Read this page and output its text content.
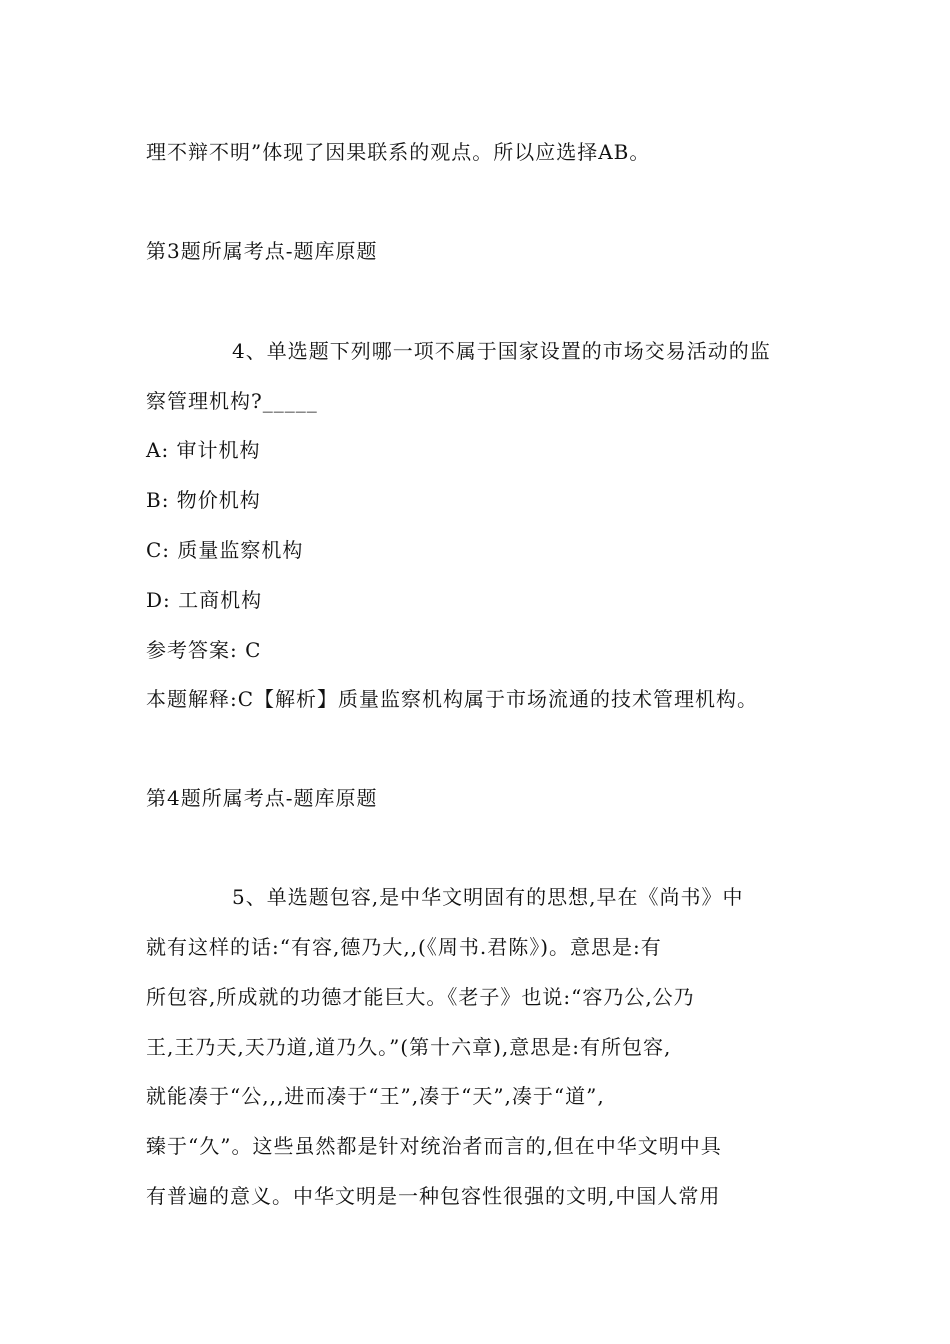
理不辩不明”体现了因果联系的观点。所以应选择AB。
第3题所属考点-题库原题
4、单选题下列哪一项不属于国家设置的市场交易活动的监
察管理机构?_____
A: 审计机构
B: 物价机构
C: 质量监察机构
D: 工商机构
参考答案: C
本题解释:C【解析】质量监察机构属于市场流通的技术管理机构。
第4题所属考点-题库原题
5、单选题包容,是中华文明固有的思想,早在《尚书》中
就有这样的话:“有容,德乃大,,(《周书.君陈》)。意思是:有
所包容,所成就的功德才能巨大。《老子》也说:“容乃公,公乃
王,王乃天,天乃道,道乃久。”(第十六章),意思是:有所包容,
就能凑于“公,,,进而凑于“王”,凑于“天”,凑于“道”,
臻于“久”。这些虽然都是针对统治者而言的,但在中华文明中具
有普遍的意义。中华文明是一种包容性很强的文明,中国人常用
